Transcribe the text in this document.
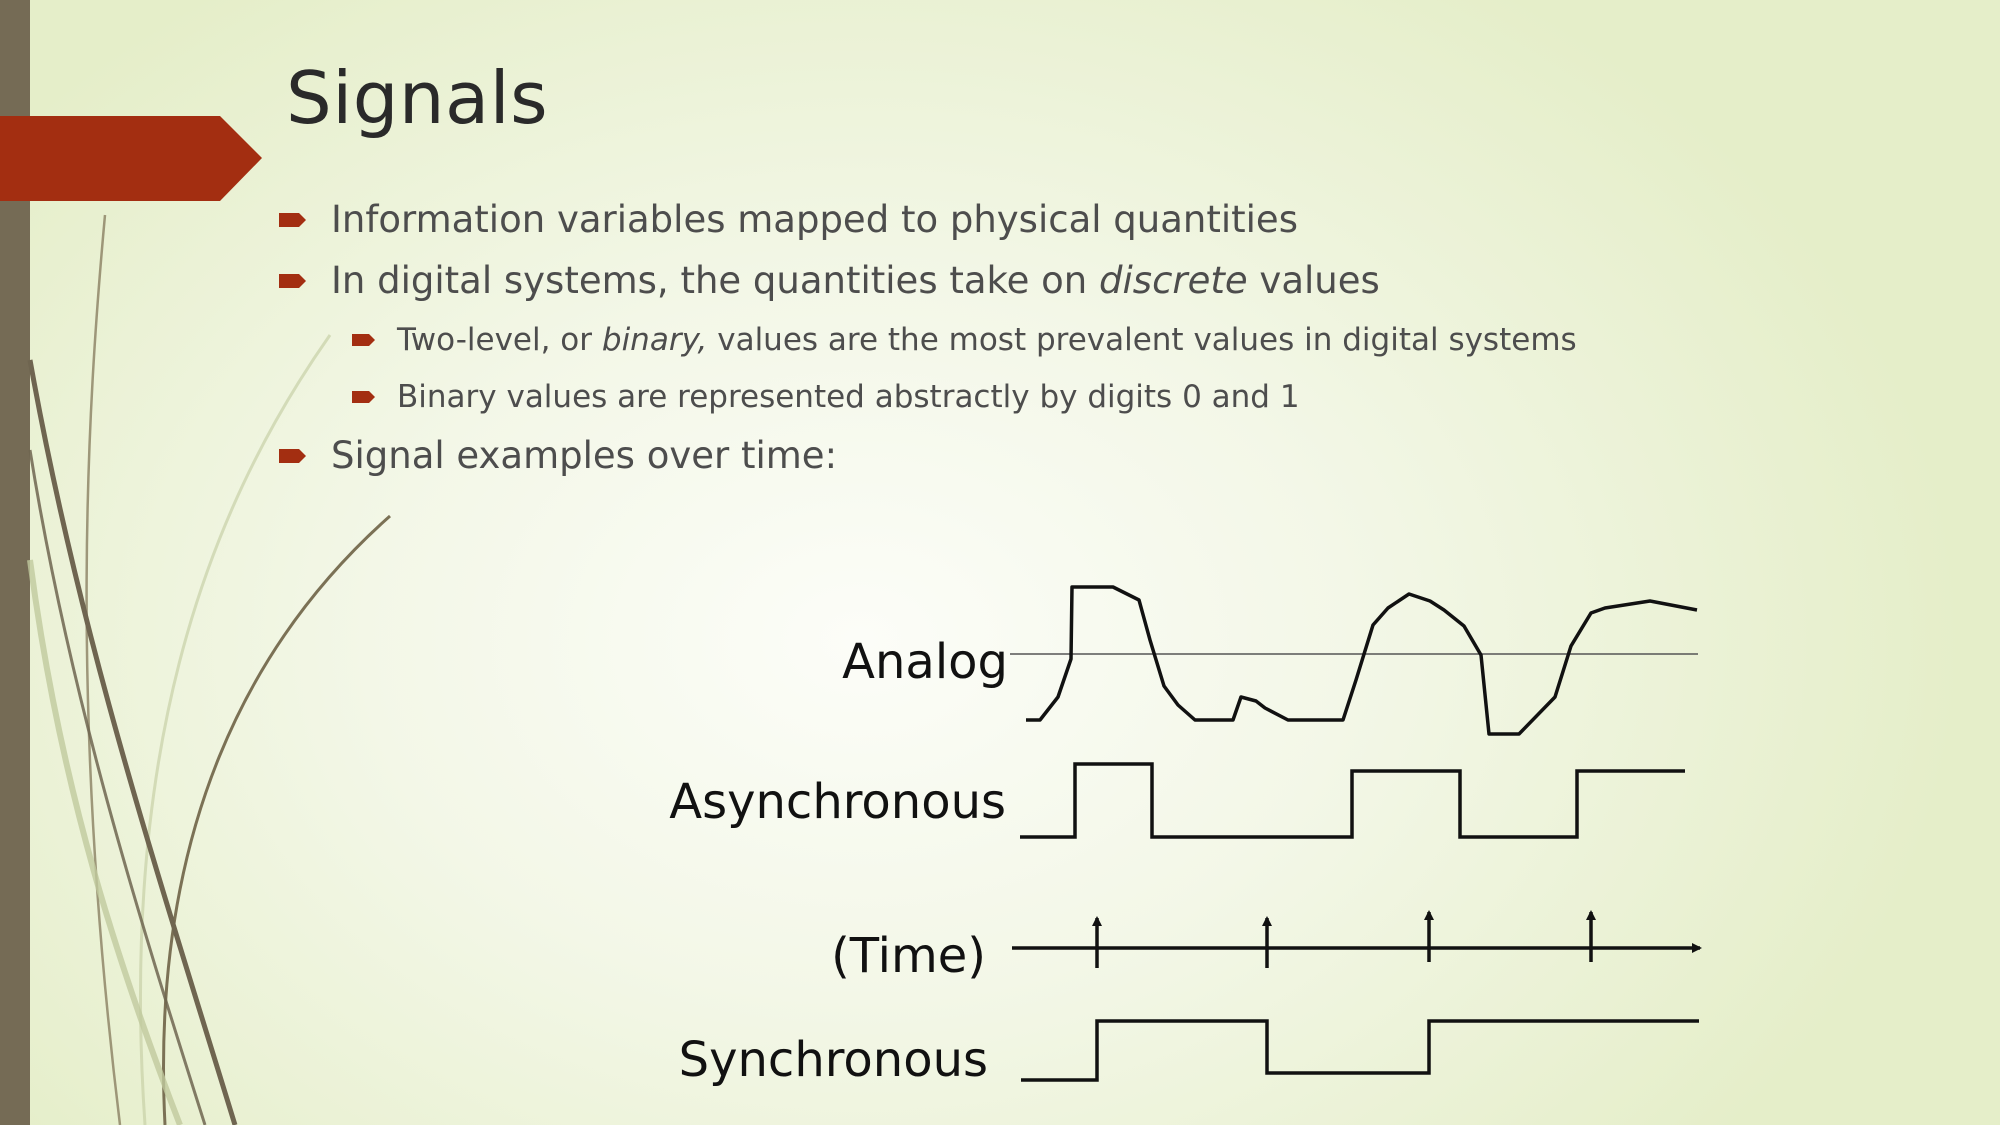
Signals
Information variables mapped to physical quantities
In digital systems, the quantities take on discrete values
Two-level, or binary, values are the most prevalent values in digital systems
Binary values are represented abstractly by digits 0 and 1
Signal examples over time:
Analog
Asynchronous
(Time)
Synchronous
